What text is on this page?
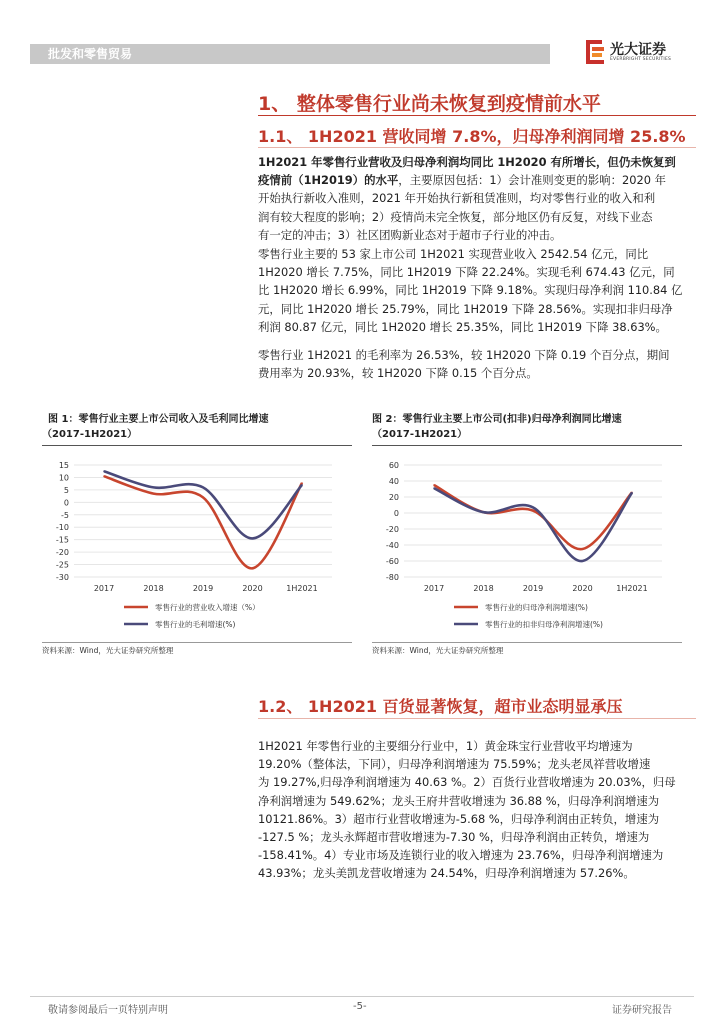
批发和零售贸易	光大证券
EVERBRIGHT SECURITIES
1、 整体零售行业尚未恢复到疫情前水平
1.1、 1H2021 营收同增 7.8%，归母净利润同增 25.8%
1H2021 年零售行业营收及归母净利润均同比 1H2020 有所增长，但仍未恢复到
疫情前（1H2019）的水平，主要原因包括：1）会计准则变更的影响：2020 年
开始执行新收入准则，2021 年开始执行新租赁准则，均对零售行业的收入和利
润有较大程度的影响；2）疫情尚未完全恢复，部分地区仍有反复，对线下业态
有一定的冲击；3）社区团购新业态对于超市子行业的冲击。
零售行业主要的 53 家上市公司 1H2021 实现营业收入 2542.54 亿元，同比
1H2020 增长 7.75%，同比 1H2019 下降 22.24%。实现毛利 674.43 亿元，同
比 1H2020 增长 6.99%，同比 1H2019 下降 9.18%。实现归母净利润 110.84 亿
元，同比 1H2020 增长 25.79%，同比 1H2019 下降 28.56%。实现扣非归母净
利润 80.87 亿元，同比 1H2020 增长 25.35%，同比 1H2019 下降 38.63%。
零售行业 1H2021 的毛利率为 26.53%，较 1H2020 下降 0.19 个百分点，期间
费用率为 20.93%，较 1H2020 下降 0.15 个百分点。
图 1：零售行业主要上市公司收入及毛利同比增速
（2017-1H2021）
15
10
5
0
-5
-10
-15
-20
-25
-30
2017	2018	2019	2020	1H2021
零售行业的营业收入增速（%）
零售行业的毛利增速(%)
资料来源：Wind，光大证券研究所整理
图 2：零售行业主要上市公司(扣非)归母净利润同比增速
（2017-1H2021）
60
40
20
0
-20
-40
-60
-80
2017	2018	2019	2020	1H2021
零售行业的归母净利润增速(%)
零售行业的扣非归母净利润增速(%)
资料来源：Wind，光大证券研究所整理
1.2、 1H2021 百货显著恢复，超市业态明显承压
1H2021 年零售行业的主要细分行业中，1）黄金珠宝行业营收平均增速为
19.20%（整体法，下同），归母净利润增速为 75.59%；龙头老凤祥营收增速
为 19.27%,归母净利润增速为 40.63 %。2）百货行业营收增速为 20.03%，归母
净利润增速为 549.62%；龙头王府井营收增速为 36.88 %，归母净利润增速为
10121.86%。3）超市行业营收增速为-5.68 %，归母净利润由正转负，增速为
-127.5 %；龙头永辉超市营收增速为-7.30 %，归母净利润由正转负，增速为
-158.41%。4）专业市场及连锁行业的收入增速为 23.76%，归母净利润增速为
43.93%；龙头美凯龙营收增速为 24.54%，归母净利润增速为 57.26%。
敬请参阅最后一页特别声明	-5-	证券研究报告
